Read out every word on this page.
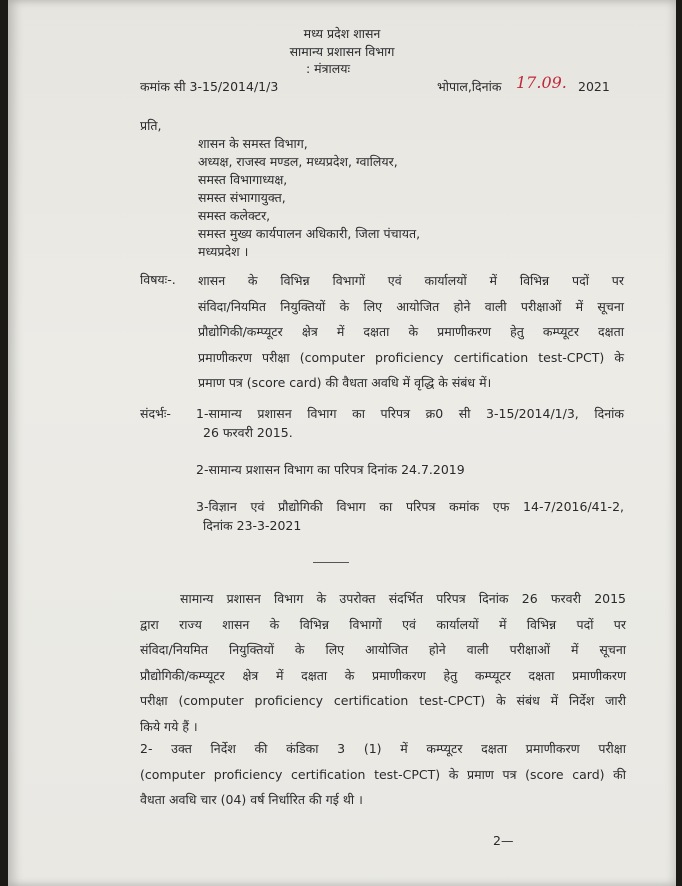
मध्य प्रदेश शासन
सामान्य प्रशासन विभाग
: मंत्रालयः
कमांक सी 3-15/2014/1/3	भोपाल,दिनांक 17.09. 2021
प्रति,
शासन के समस्त विभाग,
अध्यक्ष, राजस्व मण्डल, मध्यप्रदेश, ग्वालियर,
समस्त विभागाध्यक्ष,
समस्त संभागायुक्त,
समस्त कलेक्टर,
समस्त मुख्य कार्यपालन अधिकारी, जिला पंचायत,
मध्यप्रदेश ।
विषयः-. शासन के विभिन्न विभागों एवं कार्यालयों में विभिन्न पदों पर
संविदा/नियमित नियुक्तियों के लिए आयोजित होने वाली परीक्षाओं में सूचना
प्रौद्योगिकी/कम्प्यूटर क्षेत्र में दक्षता के प्रमाणीकरण हेतु कम्प्यूटर दक्षता
प्रमाणीकरण परीक्षा (computer proficiency certification test-CPCT) के
प्रमाण पत्र (score card) की वैधता अवधि में वृद्धि के संबंध में।
संदर्भः- 1-सामान्य प्रशासन विभाग का परिपत्र क्र0 सी 3-15/2014/1/3, दिनांक
26 फरवरी 2015.
2-सामान्य प्रशासन विभाग का परिपत्र दिनांक 24.7.2019
3-विज्ञान एवं प्रौद्योगिकी विभाग का परिपत्र कमांक एफ 14-7/2016/41-2,
दिनांक 23-3-2021
सामान्य प्रशासन विभाग के उपरोक्त संदर्भित परिपत्र दिनांक 26 फरवरी 2015
द्वारा राज्य शासन के विभिन्न विभागों एवं कार्यालयों में विभिन्न पदों पर
संविदा/नियमित नियुक्तियों के लिए आयोजित होने वाली परीक्षाओं में सूचना
प्रौद्योगिकी/कम्प्यूटर क्षेत्र में दक्षता के प्रमाणीकरण हेतु कम्प्यूटर दक्षता प्रमाणीकरण
परीक्षा (computer proficiency certification test-CPCT) के संबंध में निर्देश जारी
किये गये हैं ।
2- उक्त निर्देश की कंडिका 3 (1) में कम्प्यूटर दक्षता प्रमाणीकरण परीक्षा
(computer proficiency certification test-CPCT) के प्रमाण पत्र (score card) की
वैधता अवधि चार (04) वर्ष निर्धारित की गई थी ।
2—
